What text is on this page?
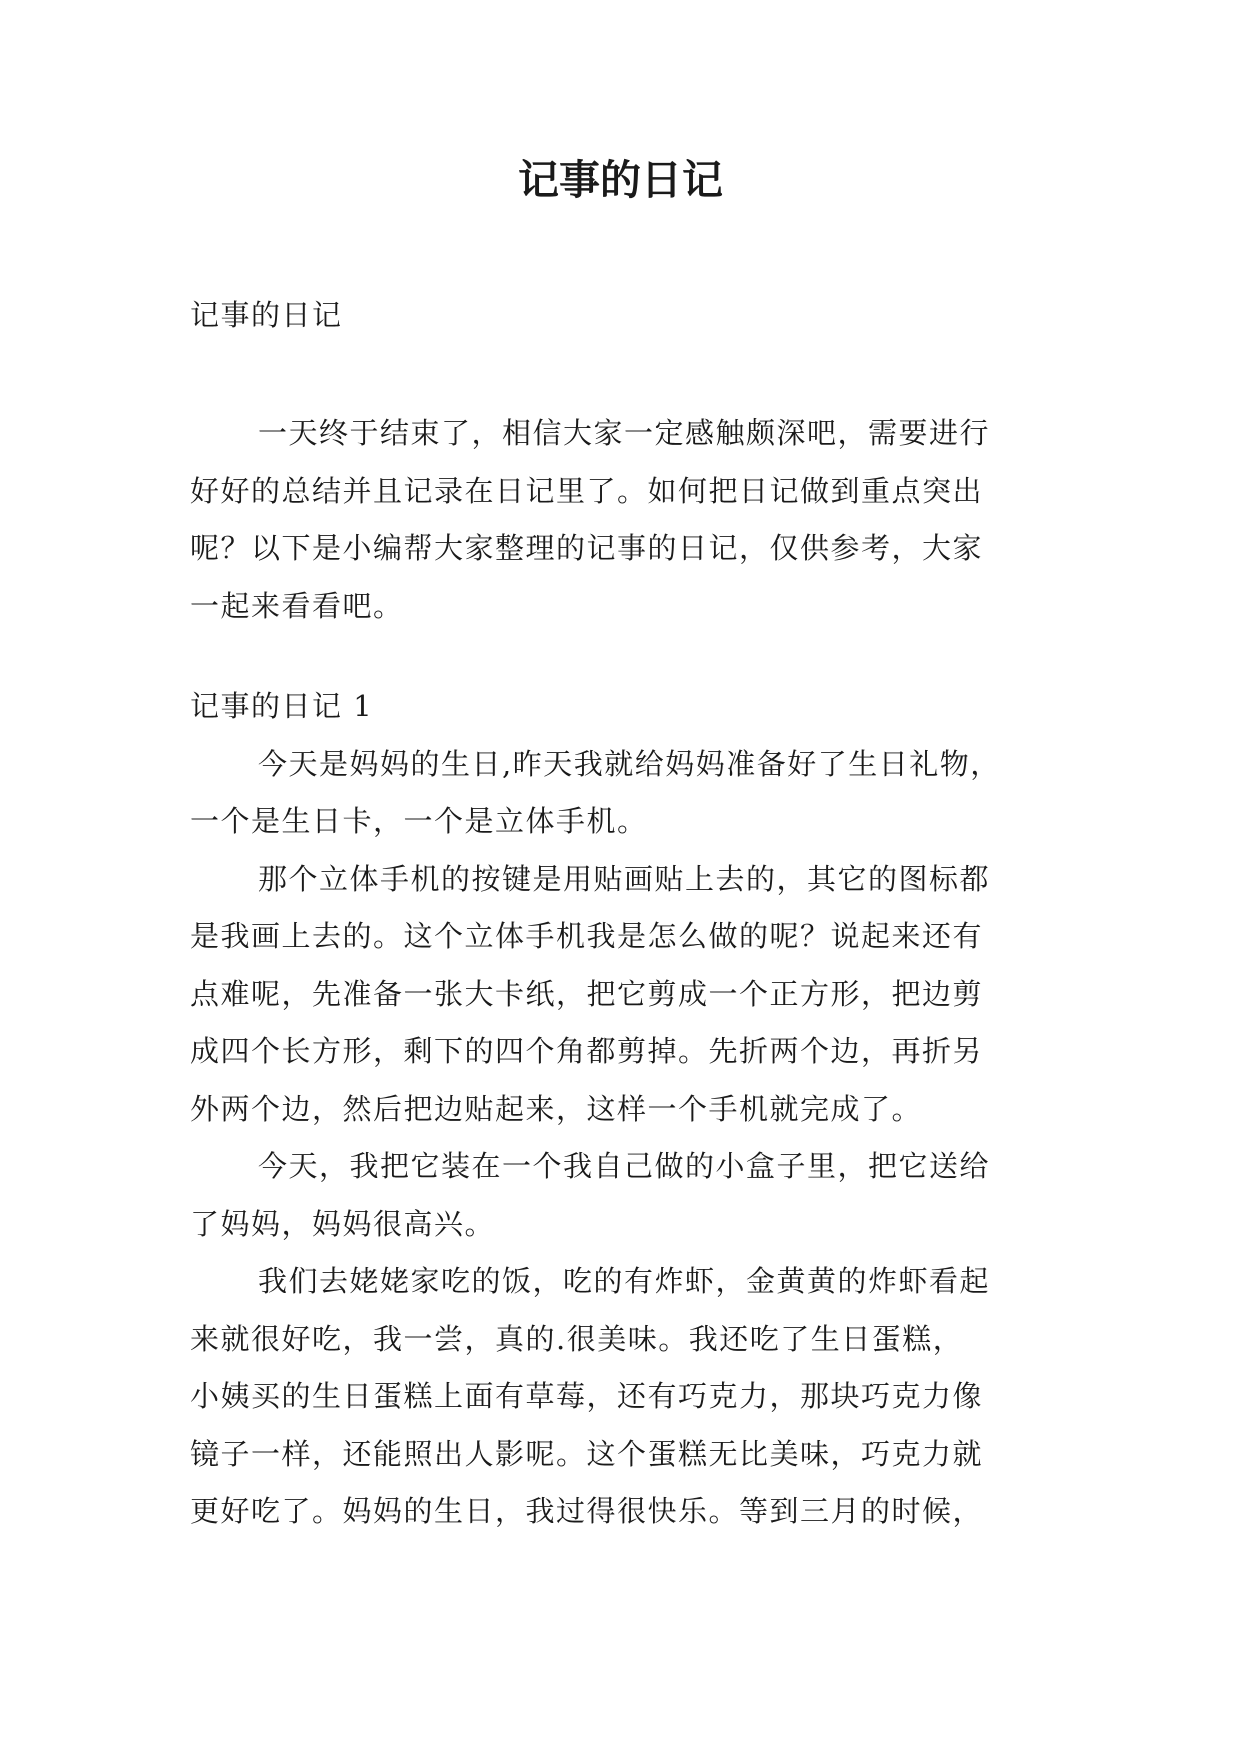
记事的日记

记事的日记

一天终于结束了，相信大家一定感触颇深吧，需要进行
好好的总结并且记录在日记里了。如何把日记做到重点突出
呢？以下是小编帮大家整理的记事的日记，仅供参考，大家
一起来看看吧。
记事的日记 1
今天是妈妈的生日,昨天我就给妈妈准备好了生日礼物，
一个是生日卡，一个是立体手机。
那个立体手机的按键是用贴画贴上去的，其它的图标都
是我画上去的。这个立体手机我是怎么做的呢？说起来还有
点难呢，先准备一张大卡纸，把它剪成一个正方形，把边剪
成四个长方形，剩下的四个角都剪掉。先折两个边，再折另
外两个边，然后把边贴起来，这样一个手机就完成了。
今天，我把它装在一个我自己做的小盒子里，把它送给
了妈妈，妈妈很高兴。
我们去姥姥家吃的饭，吃的有炸虾，金黄黄的炸虾看起
来就很好吃，我一尝，真的.很美味。我还吃了生日蛋糕，
小姨买的生日蛋糕上面有草莓，还有巧克力，那块巧克力像
镜子一样，还能照出人影呢。这个蛋糕无比美味，巧克力就
更好吃了。妈妈的生日，我过得很快乐。等到三月的时候，
